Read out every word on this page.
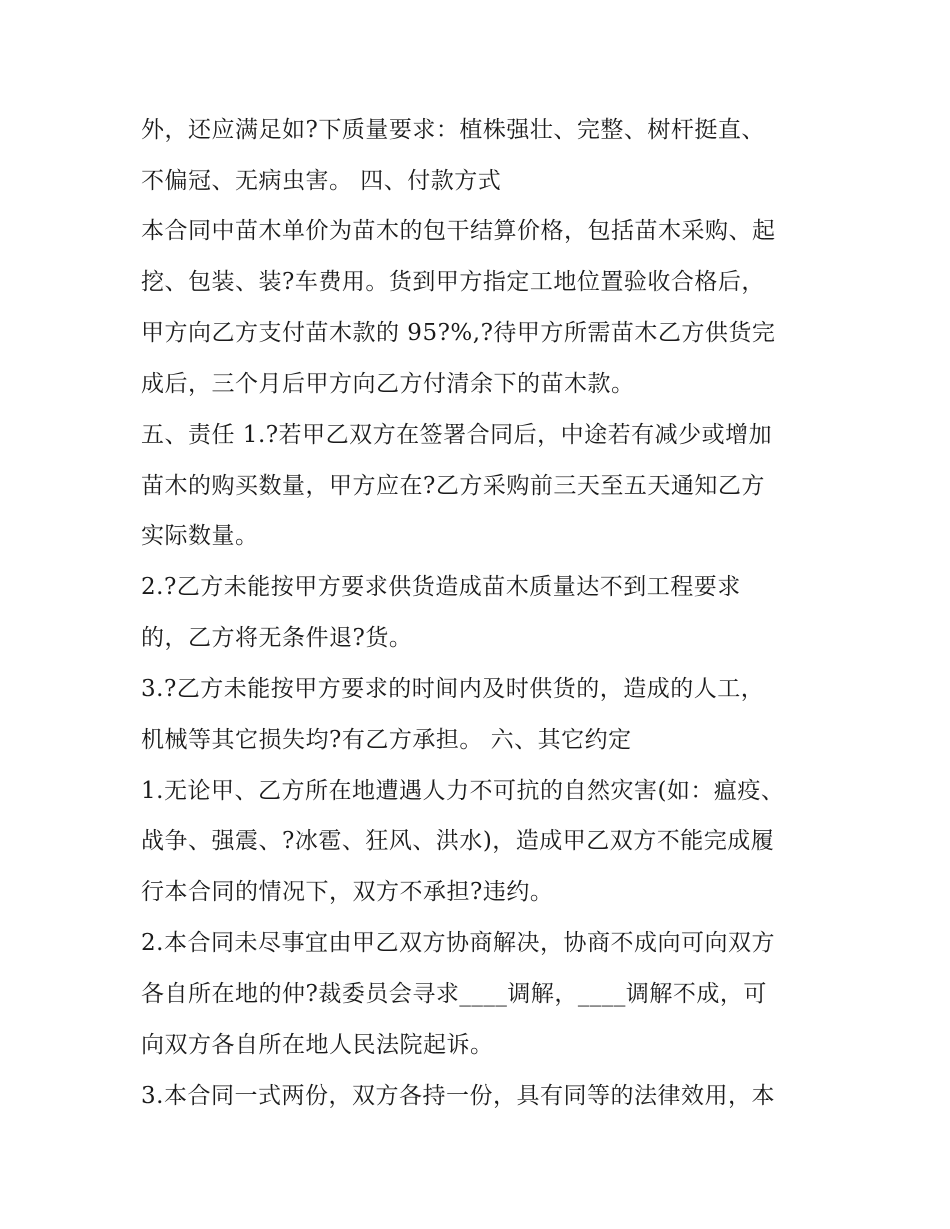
外，还应满足如?下质量要求：植株强壮、完整、树杆挺直、
不偏冠、无病虫害。 四、付款方式
本合同中苗木单价为苗木的包干结算价格，包括苗木采购、起
挖、包装、装?车费用。货到甲方指定工地位置验收合格后，
甲方向乙方支付苗木款的 95?%,?待甲方所需苗木乙方供货完
成后，三个月后甲方向乙方付清余下的苗木款。
五、责任 1.?若甲乙双方在签署合同后，中途若有减少或增加
苗木的购买数量，甲方应在?乙方采购前三天至五天通知乙方
实际数量。
2.?乙方未能按甲方要求供货造成苗木质量达不到工程要求
的，乙方将无条件退?货。
3.?乙方未能按甲方要求的时间内及时供货的，造成的人工，
机械等其它损失均?有乙方承担。 六、其它约定
1.无论甲、乙方所在地遭遇人力不可抗的自然灾害(如：瘟疫、
战争、强震、?冰雹、狂风、洪水)，造成甲乙双方不能完成履
行本合同的情况下，双方不承担?违约。
2.本合同未尽事宜由甲乙双方协商解决，协商不成向可向双方
各自所在地的仲?裁委员会寻求____调解，____调解不成，可
向双方各自所在地人民法院起诉。
3.本合同一式两份，双方各持一份，具有同等的法律效用，本
